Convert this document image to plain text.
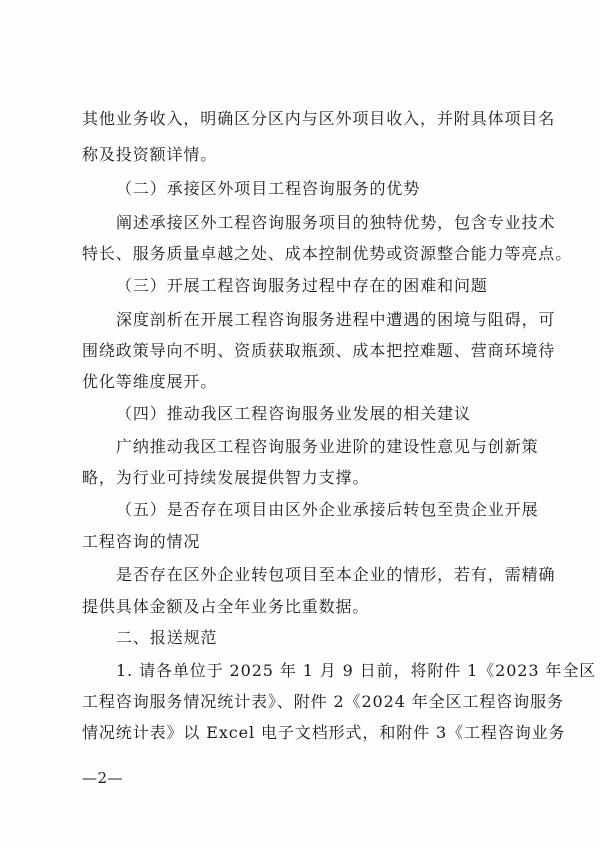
其他业务收入，明确区分区内与区外项目收入，并附具体项目名
称及投资额详情。
（二）承接区外项目工程咨询服务的优势
阐述承接区外工程咨询服务项目的独特优势，包含专业技术
特长、服务质量卓越之处、成本控制优势或资源整合能力等亮点。
（三）开展工程咨询服务过程中存在的困难和问题
深度剖析在开展工程咨询服务进程中遭遇的困境与阻碍，可
围绕政策导向不明、资质获取瓶颈、成本把控难题、营商环境待
优化等维度展开。
（四）推动我区工程咨询服务业发展的相关建议
广纳推动我区工程咨询服务业进阶的建设性意见与创新策
略，为行业可持续发展提供智力支撑。
（五）是否存在项目由区外企业承接后转包至贵企业开展
工程咨询的情况
是否存在区外企业转包项目至本企业的情形，若有，需精确
提供具体金额及占全年业务比重数据。
二、报送规范
1. 请各单位于 2025 年 1 月 9 日前，将附件 1《2023 年全区
工程咨询服务情况统计表》、附件 2《2024 年全区工程咨询服务
情况统计表》以 Excel 电子文档形式，和附件 3《工程咨询业务
—2—
